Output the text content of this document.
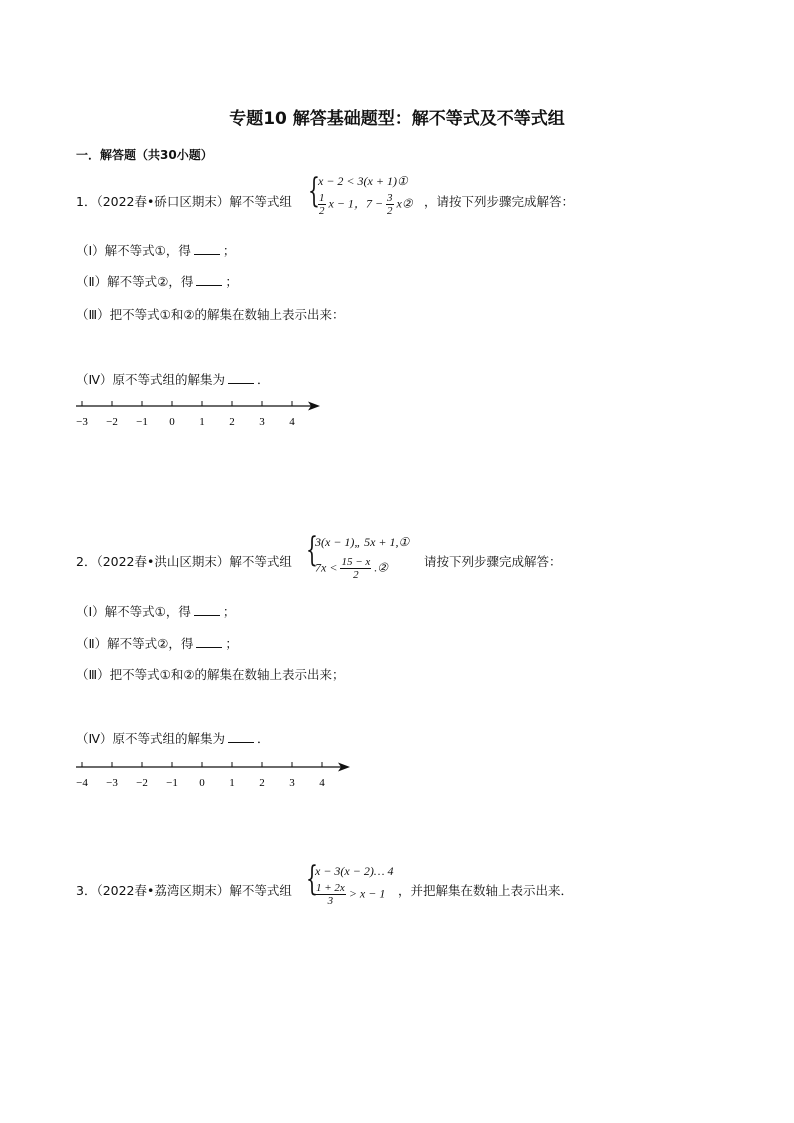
专题10 解答基础题型：解不等式及不等式组
一．解答题（共30小题）
1．（2022春•硚口区期末）解不等式组 {
x − 2 < 3(x + 1)①
$\frac{1}{2}$ x − 1，$7 - \frac{3}{2}$ x② ，请按下列步骤完成解答：
（Ⅰ）解不等式①，得	；
（Ⅱ）解不等式②，得	；
（Ⅲ）把不等式①和②的解集在数轴上表示出来：
（Ⅳ）原不等式组的解集为	．
−3 −2 −1 0 1 2 3 4
2．（2022春•洪山区期末）解不等式组 {
3(x − 1)„ 5x + 1,①
$7x < \frac{15 - x}{2}$ .②	请按下列步骤完成解答：
（Ⅰ）解不等式①，得	；
（Ⅱ）解不等式②，得	；
（Ⅲ）把不等式①和②的解集在数轴上表示出来；
（Ⅳ）原不等式组的解集为	．
−4 −3 −2 −1 0 1 2 3 4
3．（2022春•荔湾区期末）解不等式组 {
x − 3(x − 2)… 4
$\frac{1 + 2x}{3} > x - 1$ ，并把解集在数轴上表示出来．
